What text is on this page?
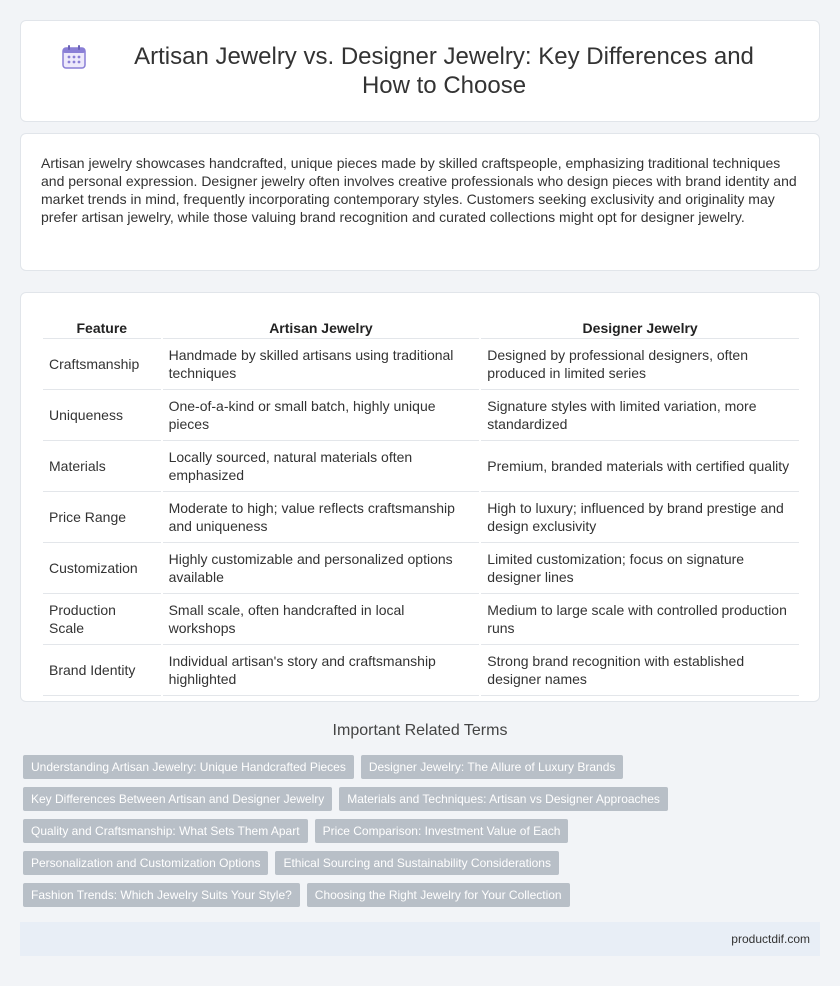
Artisan Jewelry vs. Designer Jewelry: Key Differences and How to Choose

Artisan jewelry showcases handcrafted, unique pieces made by skilled craftspeople, emphasizing traditional techniques and personal expression. Designer jewelry often involves creative professionals who design pieces with brand identity and market trends in mind, frequently incorporating contemporary styles. Customers seeking exclusivity and originality may prefer artisan jewelry, while those valuing brand recognition and curated collections might opt for designer jewelry.

Feature	Artisan Jewelry	Designer Jewelry
Craftsmanship	Handmade by skilled artisans using traditional techniques	Designed by professional designers, often produced in limited series
Uniqueness	One-of-a-kind or small batch, highly unique pieces	Signature styles with limited variation, more standardized
Materials	Locally sourced, natural materials often emphasized	Premium, branded materials with certified quality
Price Range	Moderate to high; value reflects craftsmanship and uniqueness	High to luxury; influenced by brand prestige and design exclusivity
Customization	Highly customizable and personalized options available	Limited customization; focus on signature designer lines
Production Scale	Small scale, often handcrafted in local workshops	Medium to large scale with controlled production runs
Brand Identity	Individual artisan's story and craftsmanship highlighted	Strong brand recognition with established designer names
Important Related Terms
Understanding Artisan Jewelry: Unique Handcrafted Pieces	Designer Jewelry: The Allure of Luxury Brands
Key Differences Between Artisan and Designer Jewelry	Materials and Techniques: Artisan vs Designer Approaches
Quality and Craftsmanship: What Sets Them Apart	Price Comparison: Investment Value of Each
Personalization and Customization Options	Ethical Sourcing and Sustainability Considerations
Fashion Trends: Which Jewelry Suits Your Style?	Choosing the Right Jewelry for Your Collection
productdif.com
